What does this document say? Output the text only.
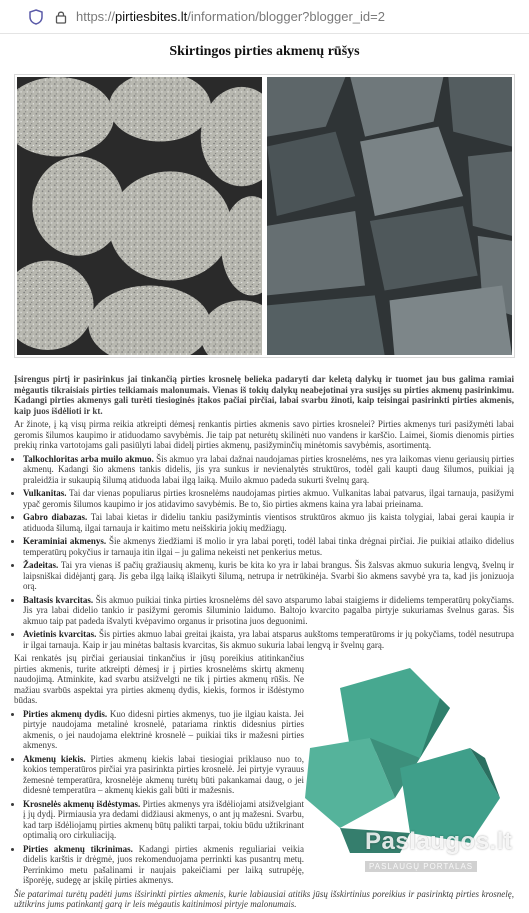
https://pirtiesbites.lt/information/blogger?blogger_id=2
Skirtingos pirties akmenų rūšys

Įsirengus pirtį ir pasirinkus jai tinkančią pirties krosnelę belieka padaryti dar keletą dalykų ir tuomet jau bus galima ramiai mėgautis tikraisiais pirties teikiamais malonumais. Vienas iš tokių dalykų neabejotinai yra susijęs su pirties akmenų pasirinkimu. Kadangi pirties akmenys gali turėti tiesioginės įtakos pačiai pirčiai, labai svarbu žinoti, kaip teisingai pasirinkti pirties akmenis, kaip juos išdėlioti ir kt.

Ar žinote, į ką visų pirma reikia atkreipti dėmesį renkantis pirties akmenis savo pirties krosnelei? Pirties akmenys turi pasižymėti labai geromis šilumos kaupimo ir atiduodamo savybėmis. Jie taip pat neturėtų skilinėti nuo vandens ir karščio. Laimei, šiomis dienomis pirties prekių rinka vartotojams gali pasiūlyti labai didelį pirties akmenų, pasižyminčių minėtomis savybėmis, asortimentą.

• Talkochloritas arba muilo akmuo. Šis akmuo yra labai dažnai naudojamas pirties krosnelėms, nes yra laikomas vienu geriausių pirties akmenų. Kadangi šio akmens tankis didelis, jis yra sunkus ir nevienalytės struktūros, todėl gali kaupti daug šilumos, puikiai ją praleidžia ir sukaupią šilumą atiduoda labai ilgą laiką. Muilo akmuo padeda sukurti švelnų garą.
• Vulkanitas. Tai dar vienas populiarus pirties krosnelėms naudojamas pirties akmuo. Vulkanitas labai patvarus, ilgai tarnauja, pasižymi ypač geromis šilumos kaupimo ir jos atidavimo savybėmis. Be to, šio pirties akmens kaina yra labai prieinama.
• Gabro diabazas. Tai labai kietas ir dideliu tankiu pasižymintis vientisos struktūros akmuo jis kaista tolygiai, labai gerai kaupia ir atiduoda šilumą, ilgai tarnauja ir kaitimo metu neišskiria jokių medžiagų.
• Keraminiai akmenys. Šie akmenys žiedžiami iš molio ir yra labai poręti, todėl labai tinka drėgnai pirčiai. Jie puikiai atlaiko didelius temperatūrų pokyčius ir tarnauja itin ilgai – ju galima nekeisti net penkerius metus.
• Žadeitas. Tai yra vienas iš pačių gražiausių akmenų, kuris be kita ko yra ir labai brangus. Šis žalsvas akmuo sukuria lengvą, švelnų ir laipsniškai didėjantį garą. Jis geba ilgą laiką išlaikyti šilumą, netrupa ir netrūkinėja. Svarbi šio akmens savybė yra ta, kad jis jonizuoja orą.
• Baltasis kvarcitas. Šis akmuo puikiai tinka pirties krosnelėms dėl savo atsparumo labai staigiems ir dideliems temperatūrų pokyčiams. Jis yra labai didelio tankio ir pasižymi geromis šiluminio laidumo. Baltojo kvarcito pagalba pirtyje sukuriamas švelnus garas. Šis akmuo taip pat padeda išvalyti kvėpavimo organus ir prisotina juos deguonimi.
• Avietinis kvarcitas. Šis pirties akmuo labai greitai įkaista, yra labai atsparus aukštoms temperatūroms ir jų pokyčiams, todėl nesutrupa ir ilgai tarnauja. Kaip ir jau minėtas baltasis kvarcitas, šis akmuo sukuria labai lengvą ir švelnų garą.

Kai renkatės įsų pirčiai geriausiai tinkančius ir jūsų poreikius atitinkančius pirties akmenis, turite atkreipti dėmesį ir į pirties krosnelėms skirtų akmenų naudojimą. Atminkite, kad svarbu atsižvelgti ne tik į pirties akmenų rūšis. Ne mažiau svarbūs aspektai yra pirties akmenų dydis, kiekis, formos ir išdėstymo būdas.

• Pirties akmenų dydis. Kuo didesni pirties akmenys, tuo jie ilgiau kaista. Jei pirtyje naudojama metalinė krosnelė, patariama rinktis didesnius pirties akmenis, o jei naudojama elektrinė krosnelė – puikiai tiks ir mažesni pirties akmenys.
• Akmenų kiekis. Pirties akmenų kiekis labai tiesiogiai priklauso nuo to, kokios temperatūros pirčiai yra pasirinkta pirties krosnelė. Jei pirtyje vyrauus žemesnė temperatūra, krosnelėje akmenų turėtų būti pakankamai daug, o jei didesnė temperatūra – akmenų kiekis gali būti ir mažesnis.
• Krosnelės akmenų išdėstymas. Pirties akmenys yra išdėliojami atsižvelgiant į jų dydį. Pirmiausia yra dedami didžiausi akmenys, o ant jų mažesni. Svarbu, kad tarp išdėliojamų pirties akmenų būtų palikti tarpai, tokiu būdu užtikrinant optimalią oro cirkuliaciją.
• Pirties akmenų tikrinimas. Kadangi pirties akmenis reguliariai veikia didelis karštis ir drėgmė, juos rekomenduojama perrinkti kas pusantrų metų. Perrinkimo metu pašalinami ir naujais pakeičiami per laiką sutrupėję, išporėję, sudegę ar įskilę pirties akmenys.

Šie patarimai turėtų padėti jums išsirinkti pirties akmenis, kurie labiausiai atitiks jūsų išskirtinius poreikius ir pasirinktą pirties krosnelę, užtikrins jums patinkantį garą ir leis mėgautis kaitinimosi pirtyje malonumais.

Paslaugos.lt
PASLAUGŲ PORTALAS Nr.1
